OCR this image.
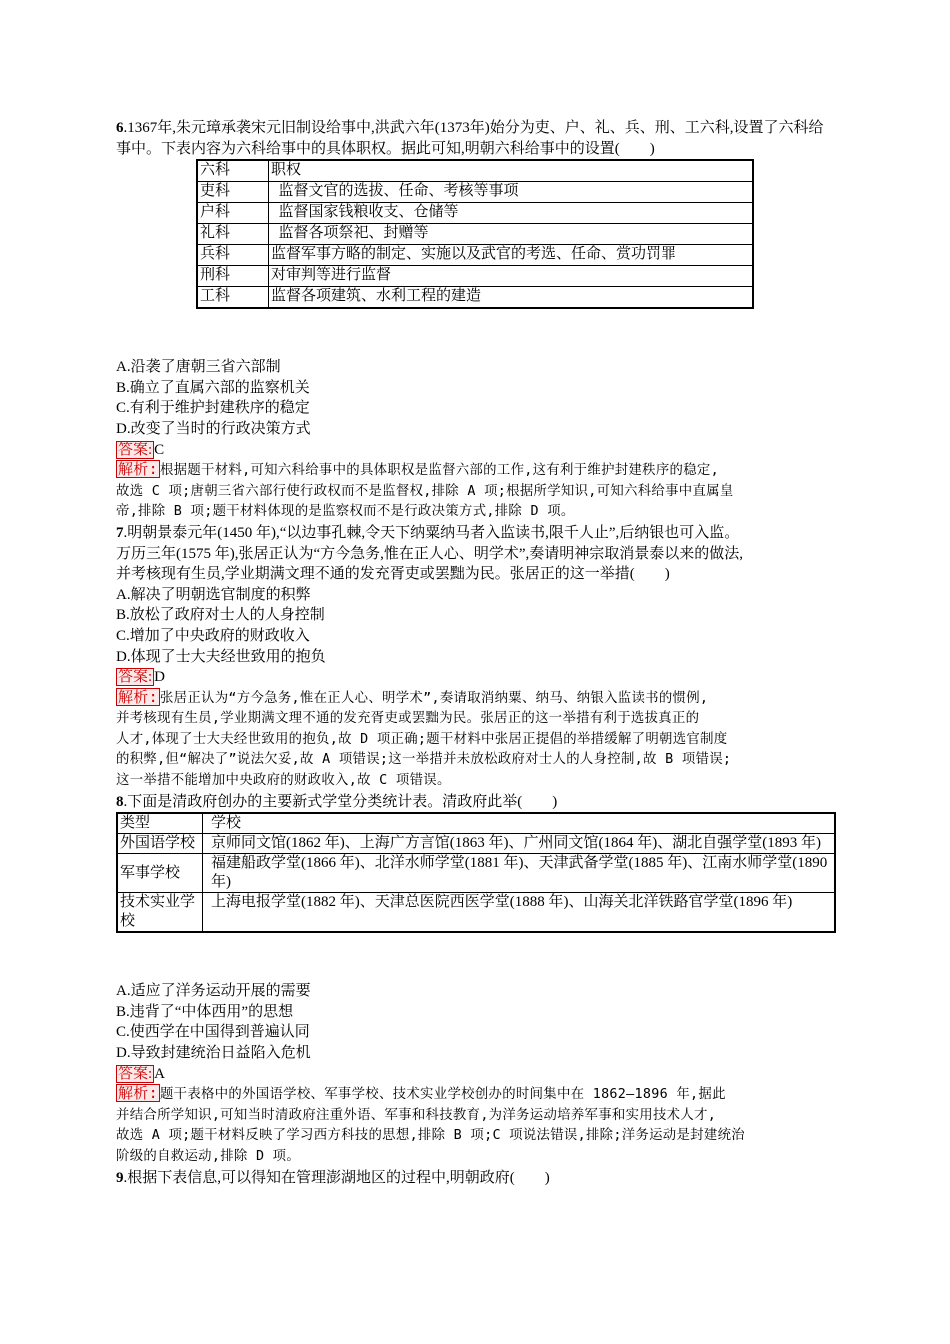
6.1367年,朱元璋承袭宋元旧制设给事中,洪武六年(1373年)始分为吏、户、礼、兵、刑、工六科,设置了六科给事中。下表内容为六科给事中的具体职权。据此可知,明朝六科给事中的设置(　　)
六科	职权
吏科	监督文官的选拔、任命、考核等事项
户科	监督国家钱粮收支、仓储等
礼科	监督各项祭祀、封赠等
兵科	监督军事方略的制定、实施以及武官的考选、任命、赏功罚罪
刑科	对审判等进行监督
工科	监督各项建筑、水利工程的建造
A.沿袭了唐朝三省六部制
B.确立了直属六部的监察机关
C.有利于维护封建秩序的稳定
D.改变了当时的行政决策方式
答案: C
解析: 根据题干材料,可知六科给事中的具体职权是监督六部的工作,这有利于维护封建秩序的稳定,
故选 C 项;唐朝三省六部行使行政权而不是监督权,排除 A 项;根据所学知识,可知六科给事中直属皇
帝,排除 B 项;题干材料体现的是监察权而不是行政决策方式,排除 D 项。
7.明朝景泰元年(1450 年),“以边事孔棘,令天下纳粟纳马者入监读书,限千人止”,后纳银也可入监。
万历三年(1575 年),张居正认为“方今急务,惟在正人心、明学术”,奏请明神宗取消景泰以来的做法,
并考核现有生员,学业期满文理不通的发充胥吏或罢黜为民。张居正的这一举措(　　)
A.解决了明朝选官制度的积弊
B.放松了政府对士人的人身控制
C.增加了中央政府的财政收入
D.体现了士大夫经世致用的抱负
答案: D
解析: 张居正认为“方今急务,惟在正人心、明学术”,奏请取消纳粟、纳马、纳银入监读书的惯例,
并考核现有生员,学业期满文理不通的发充胥吏或罢黜为民。张居正的这一举措有利于选拔真正的
人才,体现了士大夫经世致用的抱负,故 D 项正确;题干材料中张居正提倡的举措缓解了明朝选官制度
的积弊,但“解决了”说法欠妥,故 A 项错误;这一举措并未放松政府对士人的人身控制,故 B 项错误;
这一举措不能增加中央政府的财政收入,故 C 项错误。
8.下面是清政府创办的主要新式学堂分类统计表。清政府此举(　　)
类型	学校
外国语学校	京师同文馆(1862 年)、上海广方言馆(1863 年)、广州同文馆(1864 年)、湖北自强学堂(1893 年)
军事学校	福建船政学堂(1866 年)、北洋水师学堂(1881 年)、天津武备学堂(1885 年)、江南水师学堂(1890 年)
技术实业学校	上海电报学堂(1882 年)、天津总医院西医学堂(1888 年)、山海关北洋铁路官学堂(1896 年)
A.适应了洋务运动开展的需要
B.违背了“中体西用”的思想
C.使西学在中国得到普遍认同
D.导致封建统治日益陷入危机
答案: A
解析: 题干表格中的外国语学校、军事学校、技术实业学校创办的时间集中在 1862—1896 年,据此
并结合所学知识,可知当时清政府注重外语、军事和科技教育,为洋务运动培养军事和实用技术人才,
故选 A 项;题干材料反映了学习西方科技的思想,排除 B 项;C 项说法错误,排除;洋务运动是封建统治
阶级的自救运动,排除 D 项。
9.根据下表信息,可以得知在管理澎湖地区的过程中,明朝政府(　　)
